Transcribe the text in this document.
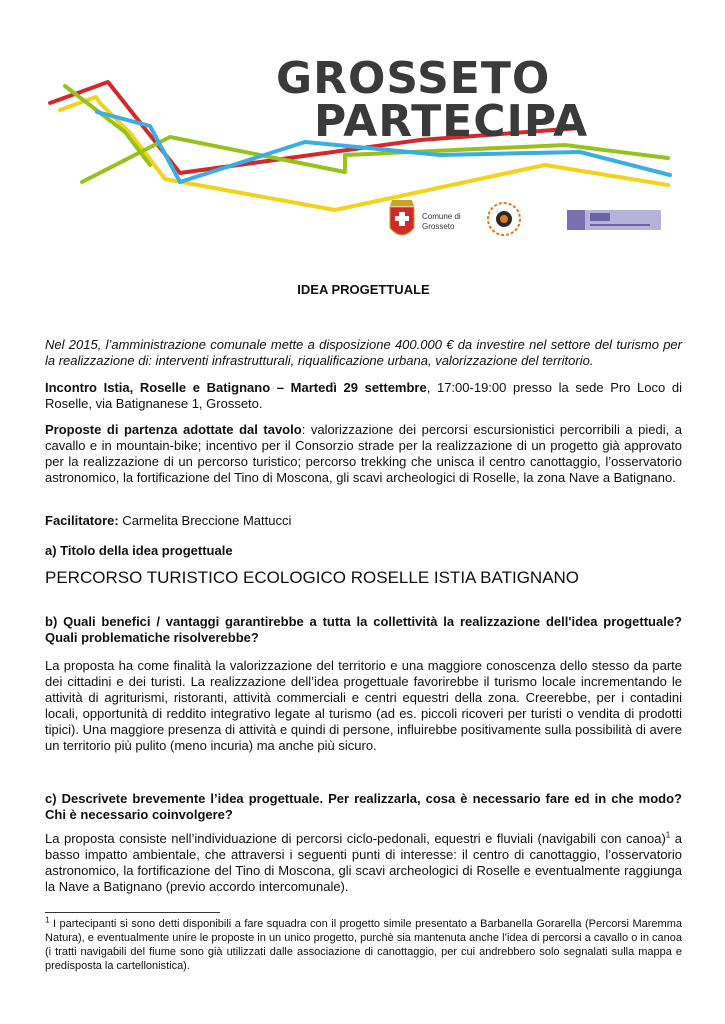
GROSSETO
PARTECIPA
Comune di
Grosseto
IDEA PROGETTUALE
Nel 2015, l’amministrazione comunale mette a disposizione 400.000 € da investire nel settore del turismo per la realizzazione di: interventi infrastrutturali, riqualificazione urbana, valorizzazione del territorio.
Incontro Istia, Roselle e Batignano – Martedì 29 settembre, 17:00-19:00 presso la sede Pro Loco di Roselle, via Batignanese 1, Grosseto.
Proposte di partenza adottate dal tavolo: valorizzazione dei percorsi escursionistici percorribili a piedi, a cavallo e in mountain-bike; incentivo per il Consorzio strade per la realizzazione di un progetto già approvato per la realizzazione di un percorso turistico; percorso trekking che unisca il centro canottaggio, l’osservatorio astronomico, la fortificazione del Tino di Moscona, gli scavi archeologici di Roselle, la zona Nave a Batignano.
Facilitatore: Carmelita Breccione Mattucci
a) Titolo della idea progettuale
PERCORSO TURISTICO ECOLOGICO ROSELLE ISTIA BATIGNANO
b) Quali benefici / vantaggi garantirebbe a tutta la collettività la realizzazione dell'idea progettuale? Quali problematiche risolverebbe?
La proposta ha come finalità la valorizzazione del territorio e una maggiore conoscenza dello stesso da parte dei cittadini e dei turisti. La realizzazione dell’idea progettuale favorirebbe il turismo locale incrementando le attività di agriturismi, ristoranti, attività commerciali e centri equestri della zona. Creerebbe, per i contadini locali, opportunità di reddito integrativo legate al turismo (ad es. piccoli ricoveri per turisti o vendita di prodotti tipici). Una maggiore presenza di attività e quindi di persone, influirebbe positivamente sulla possibilità di avere un territorio più pulito (meno incuria) ma anche più sicuro.
c) Descrivete brevemente l’idea progettuale. Per realizzarla, cosa è necessario fare ed in che modo? Chi è necessario coinvolgere?
La proposta consiste nell’individuazione di percorsi ciclo-pedonali, equestri e fluviali (navigabili con canoa)$^1$ a basso impatto ambientale, che attraversi i seguenti punti di interesse: il centro di canottaggio, l’osservatorio astronomico, la fortificazione del Tino di Moscona, gli scavi archeologici di Roselle e eventualmente raggiunga la Nave a Batignano (previo accordo intercomunale).
$^1$ I partecipanti si sono detti disponibili a fare squadra con il progetto simile presentato a Barbanella Gorarella (Percorsi Maremma Natura), e eventualmente unire le proposte in un unico progetto, purchè sia mantenuta anche l’idea di percorsi a cavallo o in canoa (i tratti navigabili del fiume sono già utilizzati dalle associazione di canottaggio, per cui andrebbero solo segnalati sulla mappa e predisposta la cartellonistica).
